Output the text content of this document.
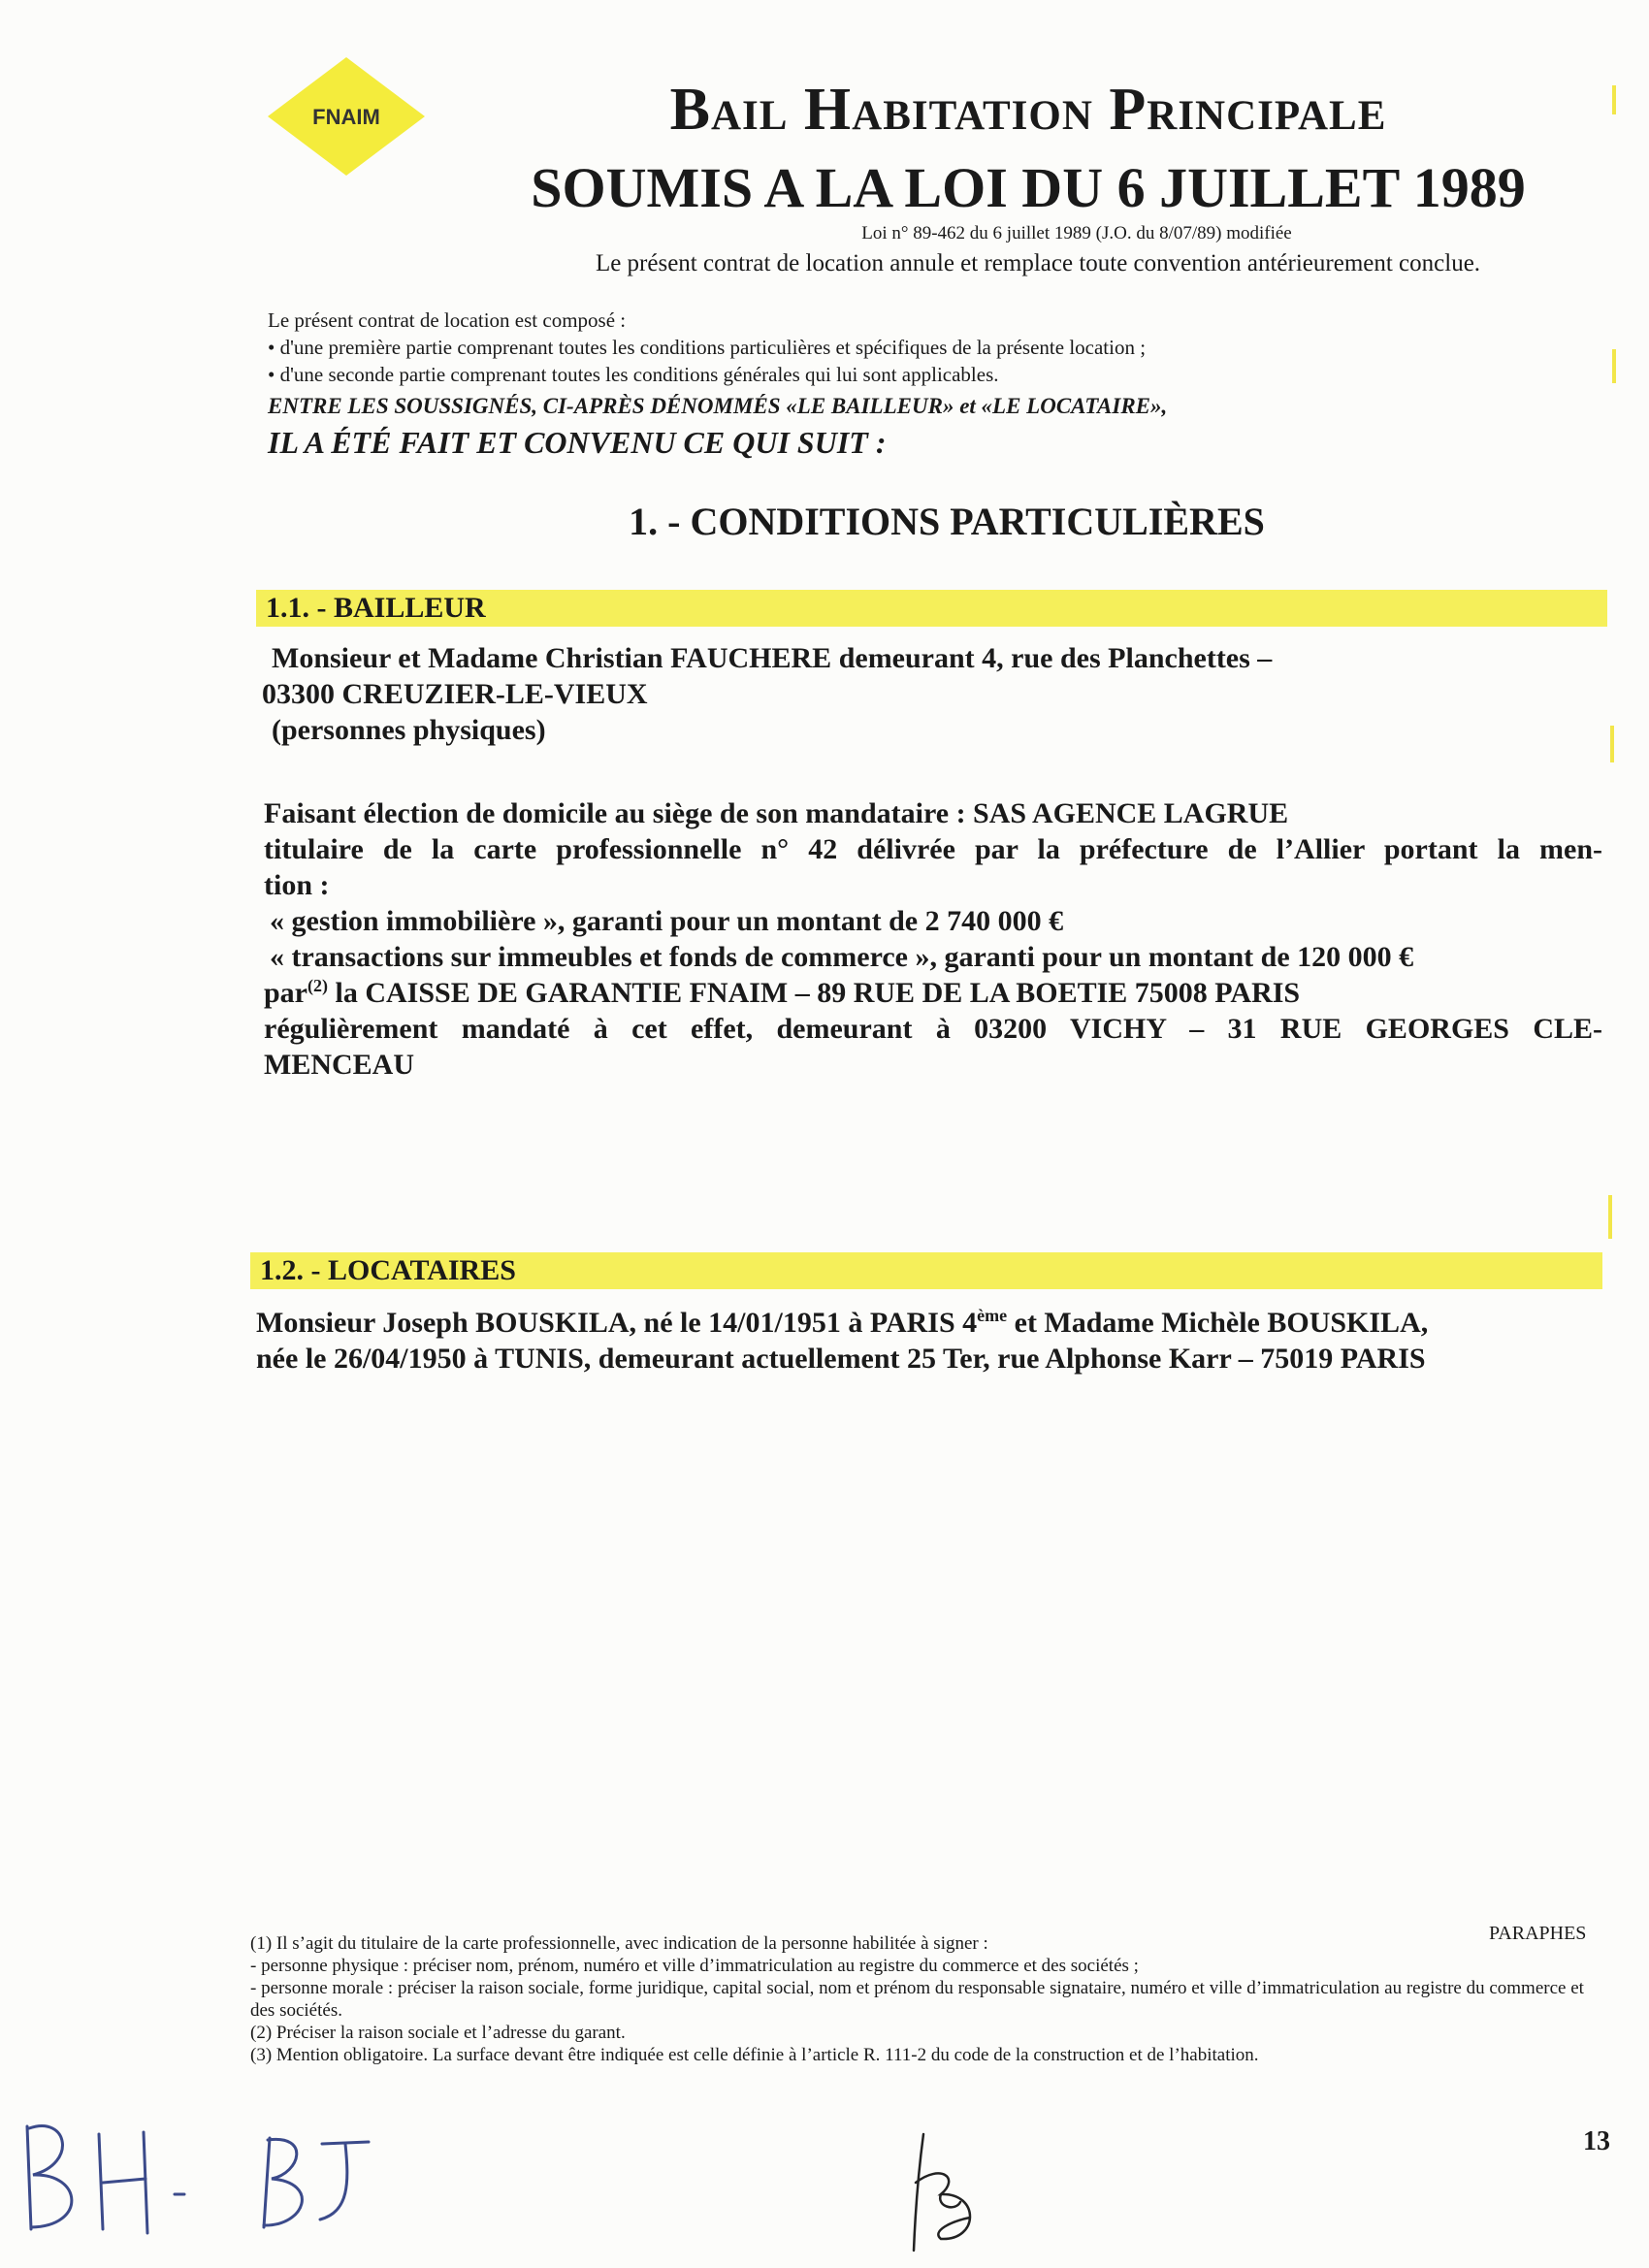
FNAIM	Bail Habitation Principale
SOUMIS A LA LOI DU 6 JUILLET 1989
Loi n° 89-462 du 6 juillet 1989 (J.O. du 8/07/89) modifiée
Le présent contrat de location annule et remplace toute convention antérieurement conclue.
Le présent contrat de location est composé :
• d'une première partie comprenant toutes les conditions particulières et spécifiques de la présente location ;
• d'une seconde partie comprenant toutes les conditions générales qui lui sont applicables.
ENTRE LES SOUSSIGNÉS, CI-APRÈS DÉNOMMÉS «LE BAILLEUR» et «LE LOCATAIRE»,
IL A ÉTÉ FAIT ET CONVENU CE QUI SUIT :
1. - CONDITIONS PARTICULIÈRES
1.1. - BAILLEUR
Monsieur et Madame Christian FAUCHERE demeurant 4, rue des Planchettes –
03300 CREUZIER-LE-VIEUX
(personnes physiques)
Faisant élection de domicile au siège de son mandataire : SAS AGENCE LAGRUE
titulaire de la carte professionnelle n° 42 délivrée par la préfecture de l’Allier portant la men-
tion :
« gestion immobilière », garanti pour un montant de 2 740 000 €
« transactions sur immeubles et fonds de commerce », garanti pour un montant de 120 000 €
par$^{(2)}$ la CAISSE DE GARANTIE FNAIM – 89 RUE DE LA BOETIE 75008 PARIS
régulièrement mandaté à cet effet, demeurant à 03200 VICHY – 31 RUE GEORGES CLE-
MENCEAU
1.2. - LOCATAIRES
Monsieur Joseph BOUSKILA, né le 14/01/1951 à PARIS 4ème et Madame Michèle BOUSKILA,
née le 26/04/1950 à TUNIS, demeurant actuellement 25 Ter, rue Alphonse Karr – 75019 PARIS
PARAPHES
(1) Il s’agit du titulaire de la carte professionnelle, avec indication de la personne habilitée à signer :
- personne physique : préciser nom, prénom, numéro et ville d’immatriculation au registre du commerce et des sociétés ;
- personne morale : préciser la raison sociale, forme juridique, capital social, nom et prénom du responsable signataire, numéro et ville d’immatriculation au registre du commerce et des sociétés.
(2) Préciser la raison sociale et l’adresse du garant.
(3) Mention obligatoire. La surface devant être indiquée est celle définie à l’article R. 111-2 du code de la construction et de l’habitation.
13
